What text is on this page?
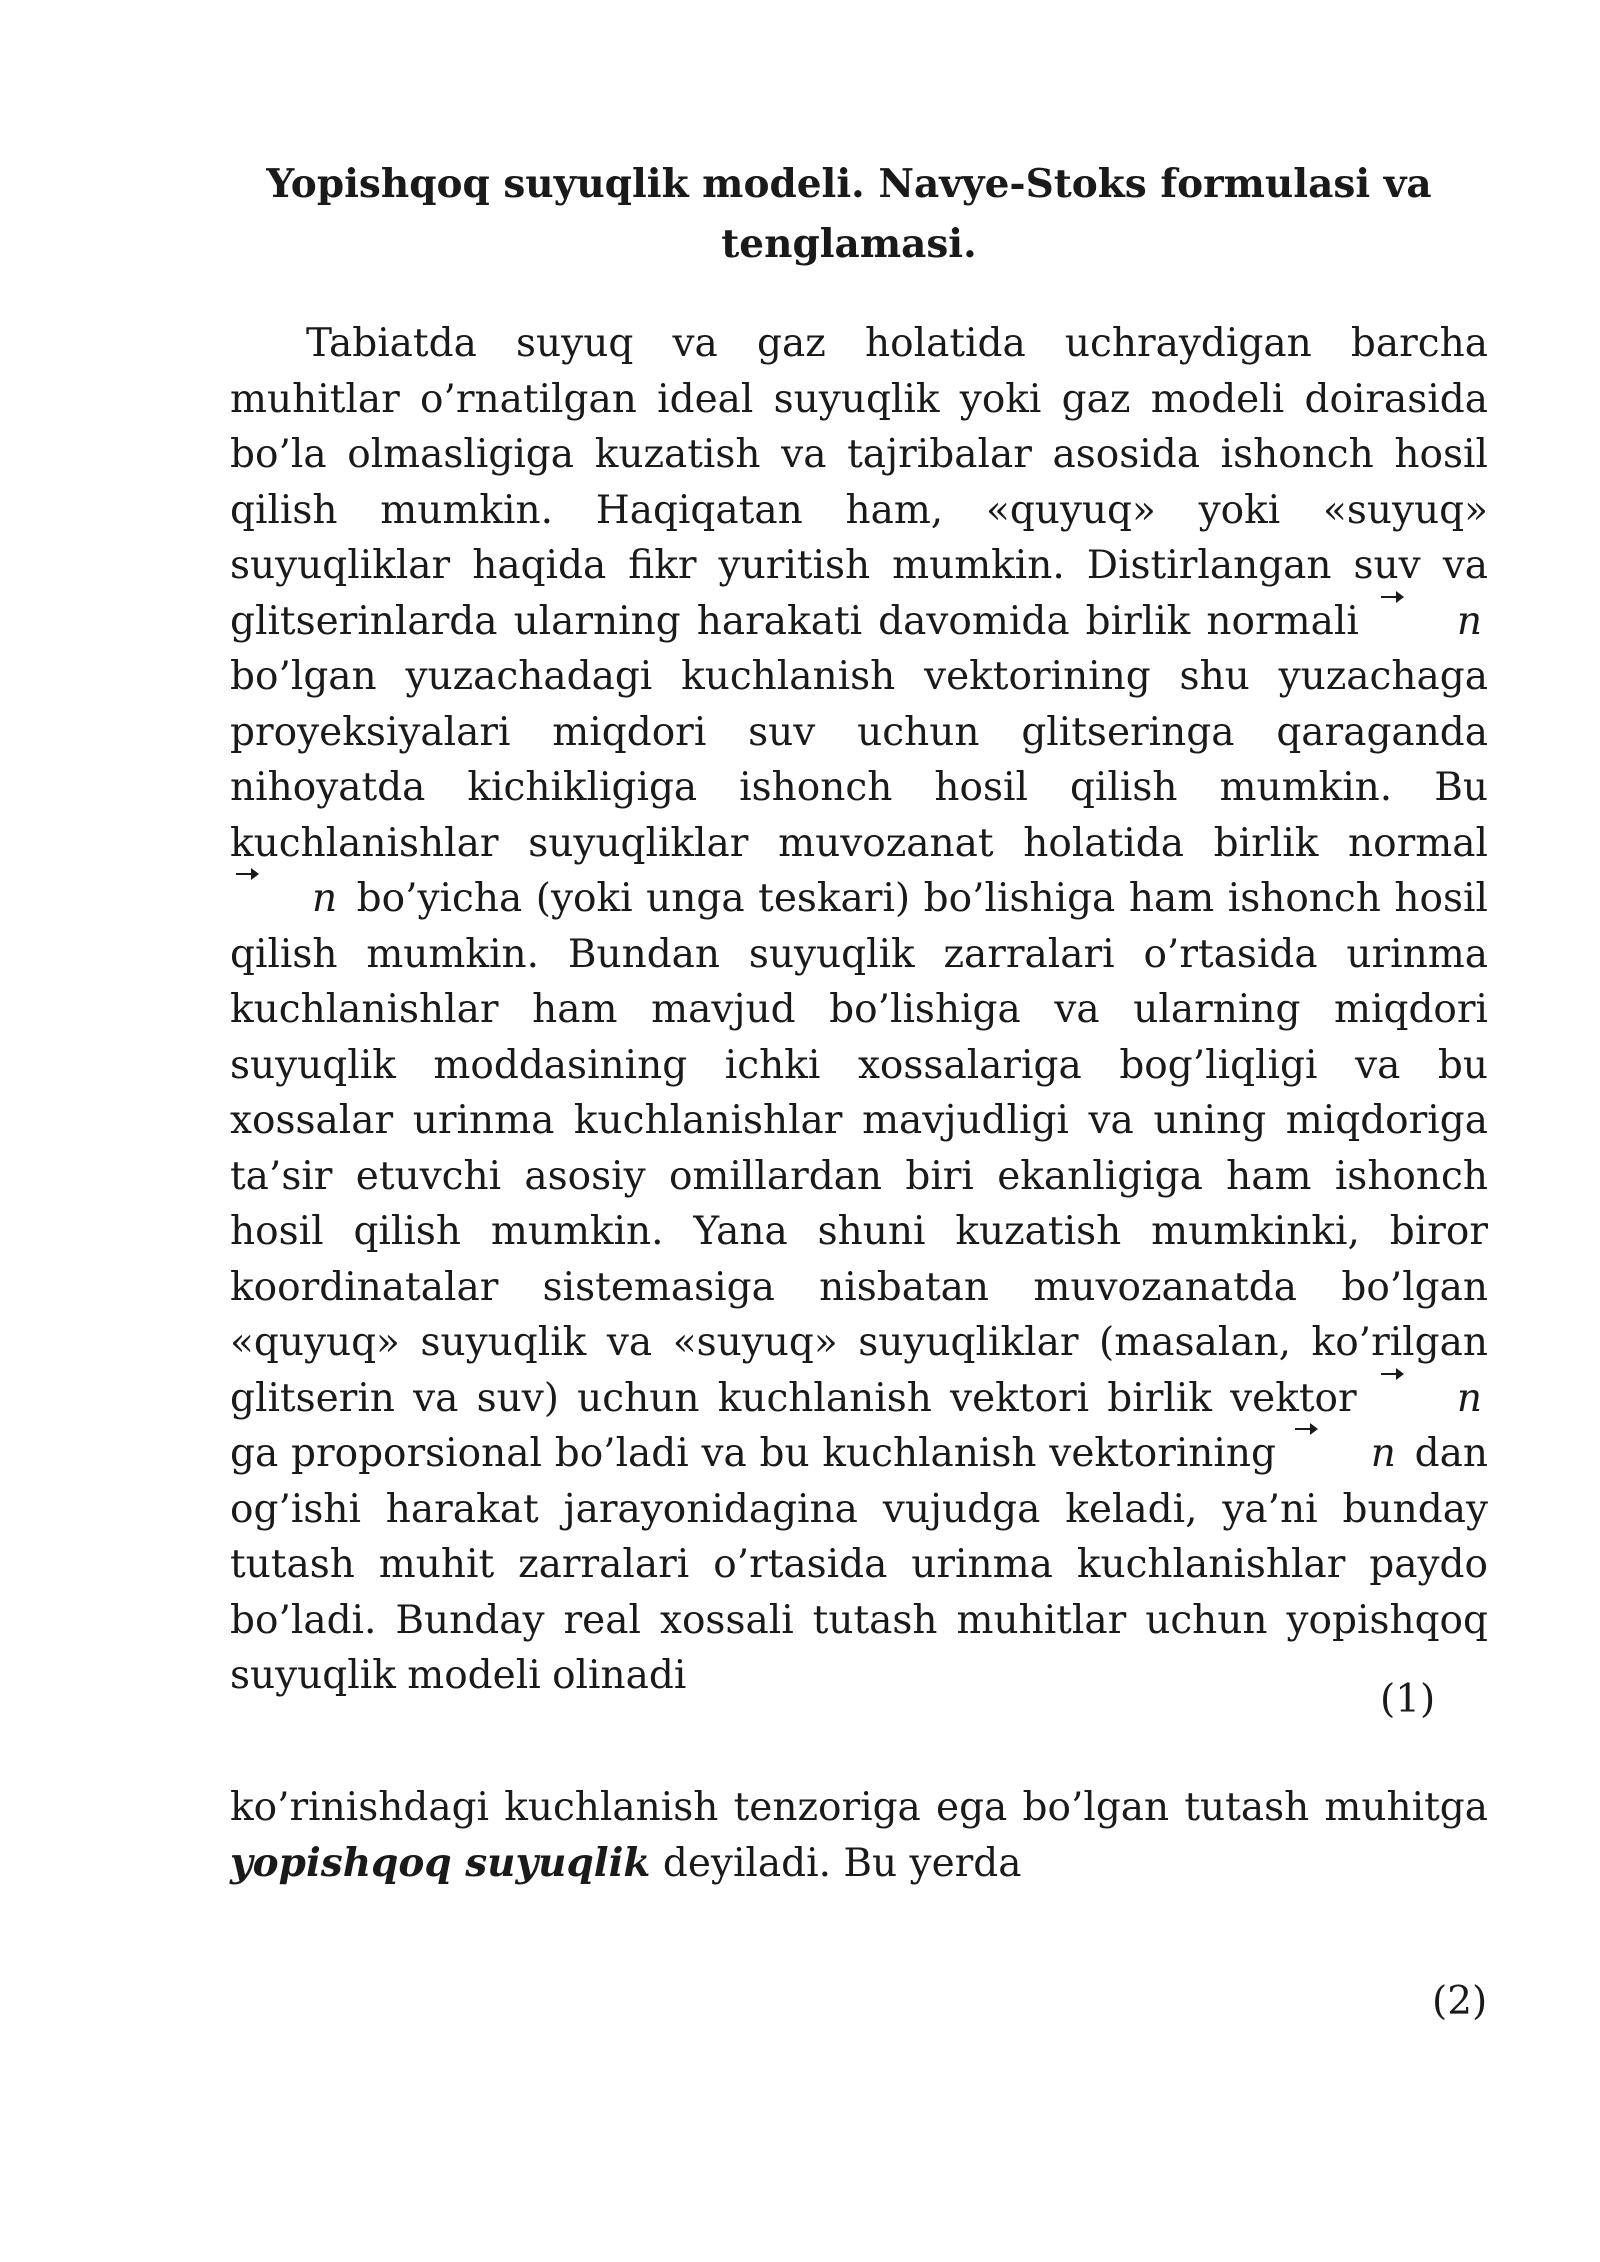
Yopishqoq suyuqlik modeli. Navye-Stoks formulasi va tenglamasi.

Tabiatda suyuq va gaz holatida uchraydigan barcha muhitlar o’rnatilgan ideal suyuqlik yoki gaz modeli doirasida bo’la olmasligiga kuzatish va tajribalar asosida ishonch hosil qilish mumkin. Haqiqatan ham, «quyuq» yoki «suyuq» suyuqliklar haqida fikr yuritish mumkin. Distirlangan suv va glitserinlarda ularning harakati davomida birlik normali	n bo’lgan yuzachadagi kuchlanish vektorining shu yuzachaga proyeksiyalari miqdori suv uchun glitseringa qaraganda nihoyatda kichikligiga ishonch hosil qilish mumkin. Bu kuchlanishlar suyuqliklar muvozanat holatida birlik normal n bo’yicha (yoki unga teskari) bo’lishiga ham ishonch hosil qilish mumkin. Bundan suyuqlik zarralari o’rtasida urinma kuchlanishlar ham mavjud bo’lishiga va ularning miqdori suyuqlik moddasining ichki xossalariga bog’liqligi va bu xossalar urinma kuchlanishlar mavjudligi va uning miqdoriga ta’sir etuvchi asosiy omillardan biri ekanligiga ham ishonch hosil qilish mumkin. Yana shuni kuzatish mumkinki, biror koordinatalar sistemasiga nisbatan muvozanatda bo’lgan «quyuq» suyuqlik va «suyuq» suyuqliklar (masalan, ko’rilgan glitserin va suv) uchun kuchlanish vektori birlik vektor	n ga proporsional bo’ladi va bu kuchlanish vektorining n dan og’ishi harakat jarayonidagina vujudga keladi, ya’ni bunday tutash muhit zarralari o’rtasida urinma kuchlanishlar paydo bo’ladi. Bunday real xossali tutash muhitlar uchun yopishqoq suyuqlik modeli olinadi

(1)

ko’rinishdagi kuchlanish tenzoriga ega bo’lgan tutash muhitga yopishqoq suyuqlik deyiladi. Bu yerda

(2)
